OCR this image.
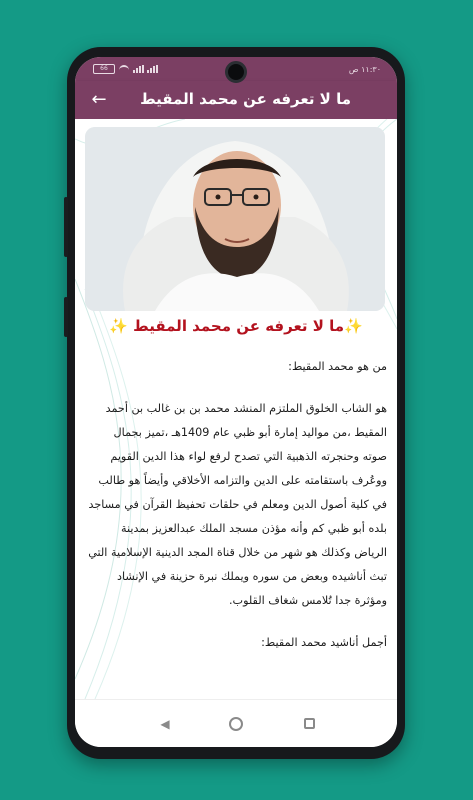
66	١١:٣٠ ص
← ما لا تعرفه عن محمد المقيط
✨ما لا تعرفه عن محمد المقيط ✨

من هو محمد المقيط:

هو الشاب الخلوق الملتزم المنشد محمد بن بن غالب بن أحمد المقيط ،من مواليد إمارة أبو ظبي عام 1409هـ ،تميز بجمال صوته وحنجرته الذهبية التي تصدح لرفع لواء هذا الدين القويم ووعُرف باستقامته على الدين والتزامه الأخلاقي وأيضاً هو طالب في كلية أصول الدين ومعلم في حلقات تحفيظ القرآن في مساجد بلده أبو ظبي كم وأنه مؤذن مسجد الملك عبدالعزيز بمدينة الرياض وكذلك هو شهر من خلال قناة المجد الدينية الإسلامية التي تبث أناشيده وبعض من سوره ويملك نبرة حزينة في الإنشاد ومؤثرة جدا تُلامس شغاف القلوب.

أجمل أناشيد محمد المقيط:

◀
